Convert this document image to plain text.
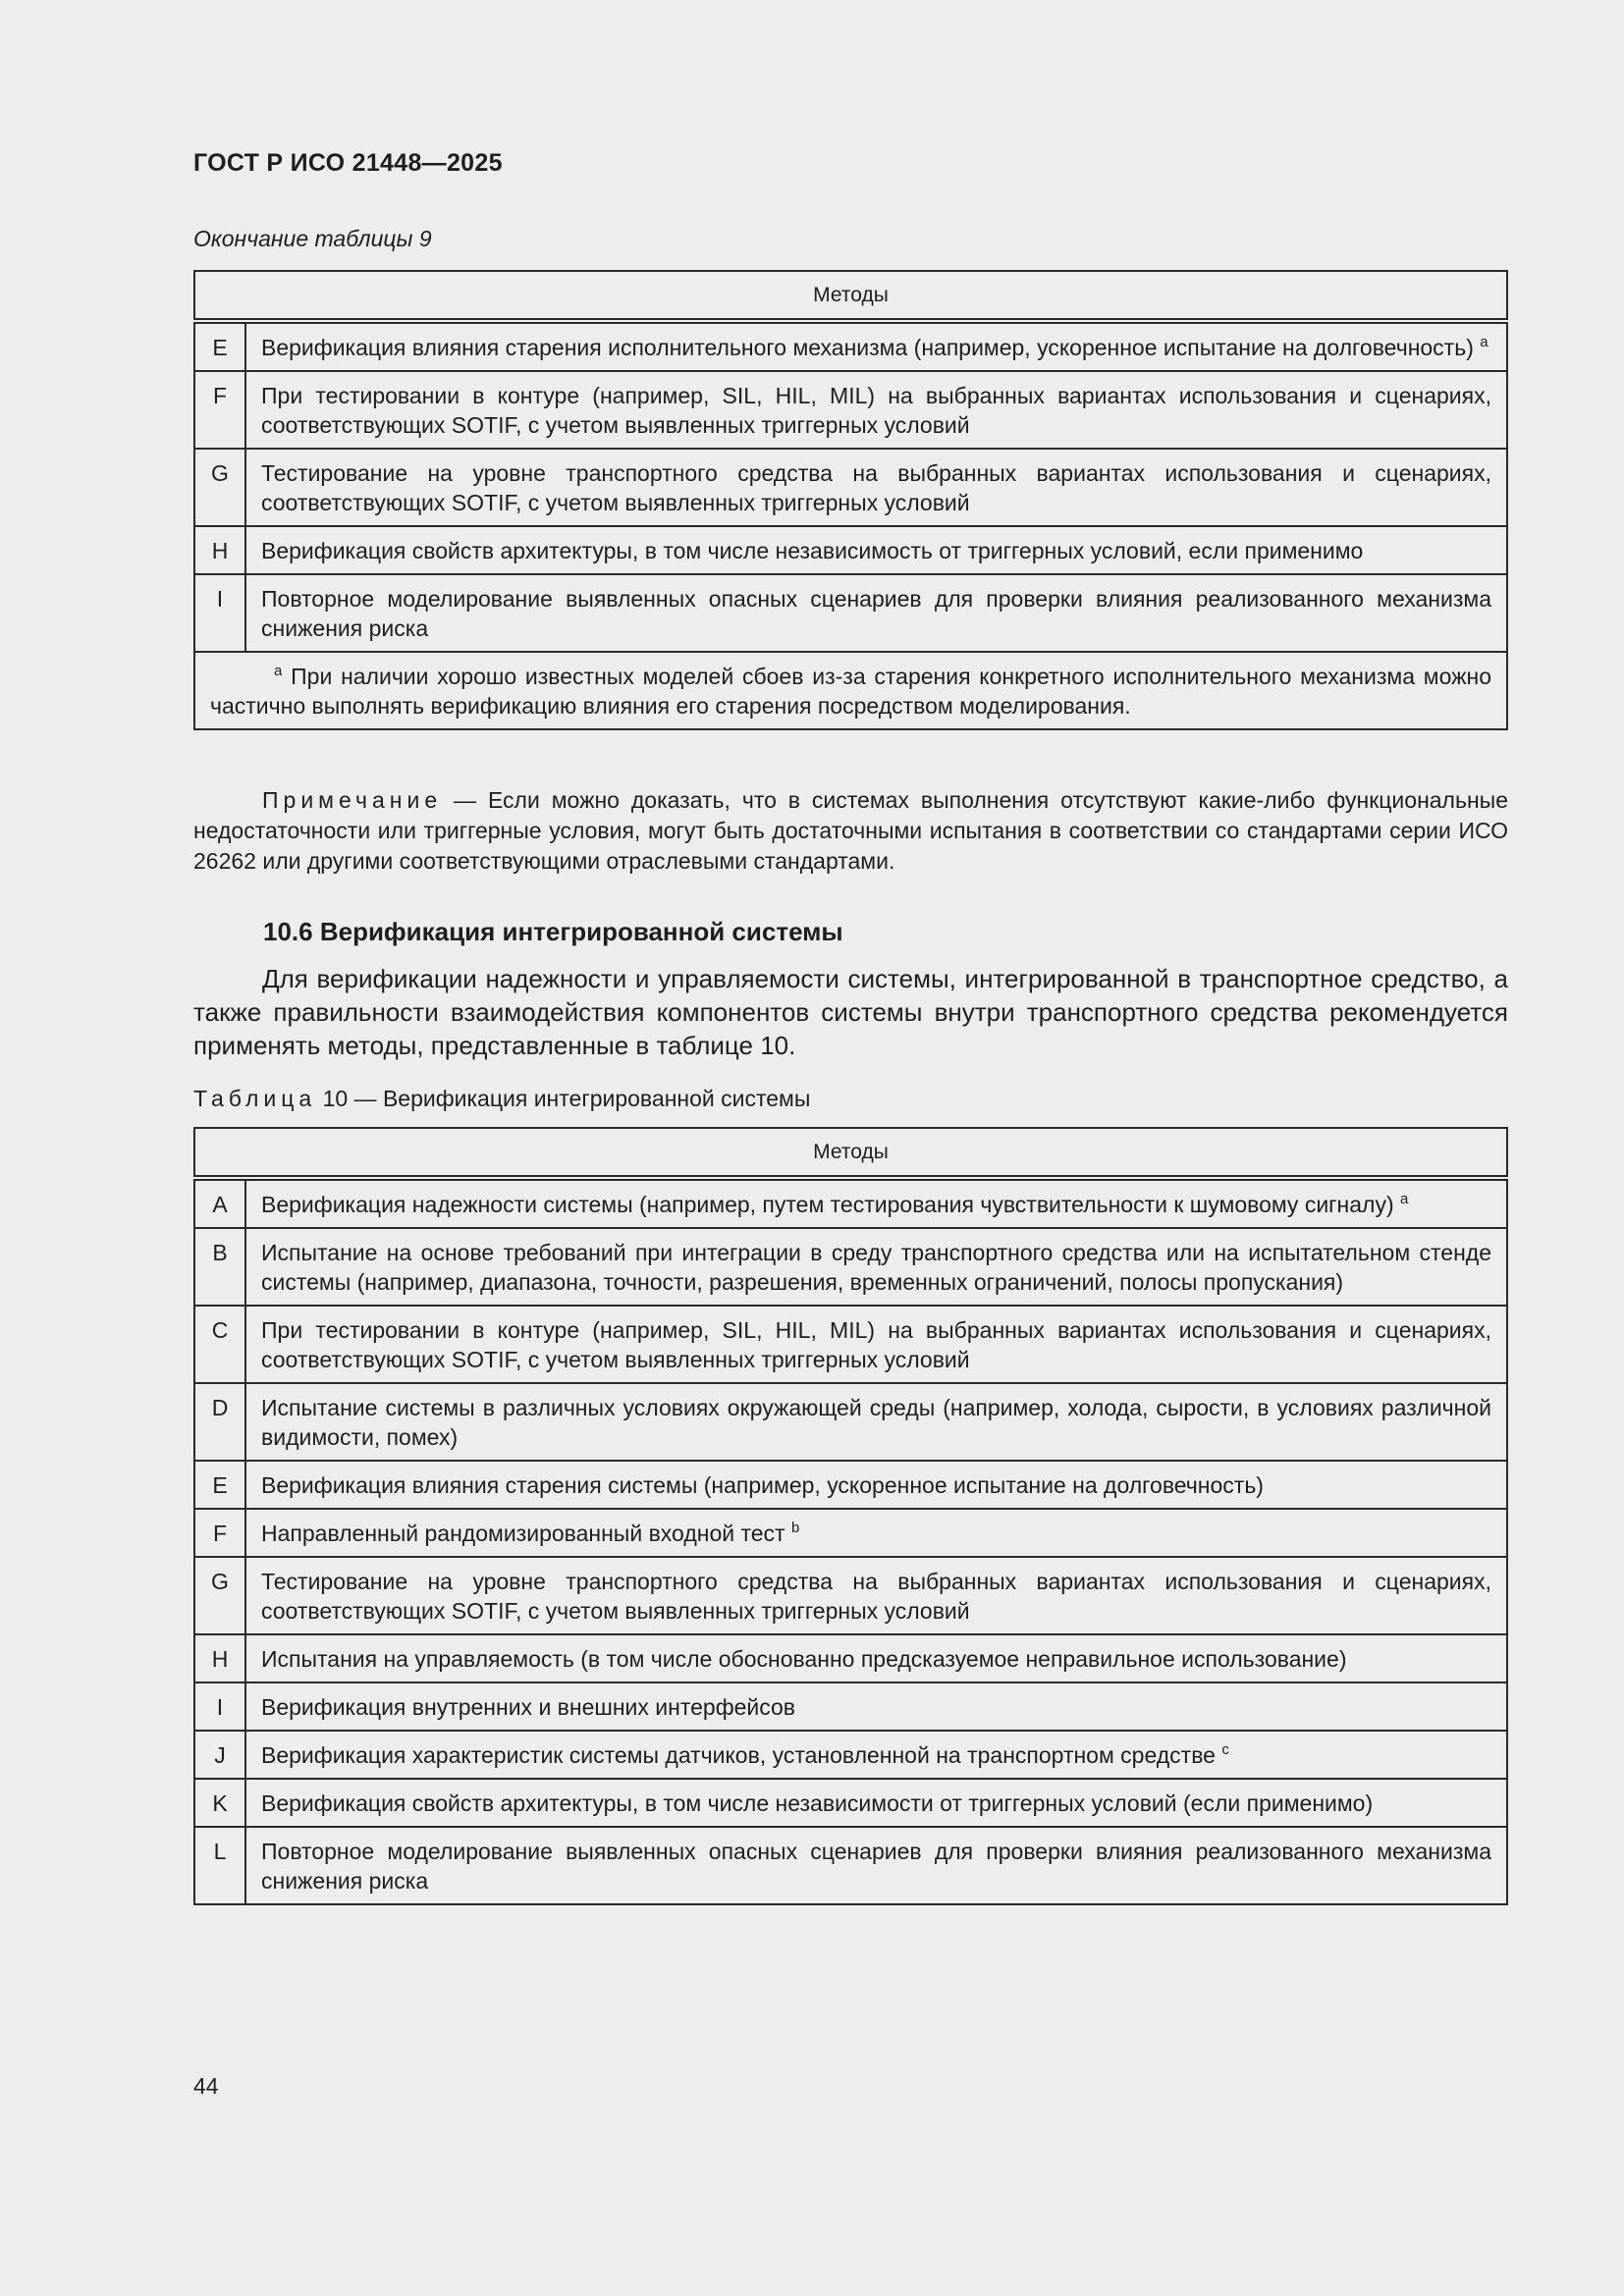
ГОСТ Р ИСО 21448—2025
Окончание таблицы 9
Методы	
E	Верификация влияния старения исполнительного механизма (например, ускоренное испытание на долговечность) $^a$
F	При тестировании в контуре (например, SIL, HIL, MIL) на выбранных вариантах использования и сценариях, соответствующих SOTIF, с учетом выявленных триггерных условий
G	Тестирование на уровне транспортного средства на выбранных вариантах использования и сценариях, соответствующих SOTIF, с учетом выявленных триггерных условий
H	Верификация свойств архитектуры, в том числе независимость от триггерных условий, если применимо
I	Повторное моделирование выявленных опасных сценариев для проверки влияния реализованного механизма снижения риска
$^a$ При наличии хорошо известных моделей сбоев из-за старения конкретного исполнительного механизма можно частично выполнять верификацию влияния его старения посредством моделирования.	
Примечание — Если можно доказать, что в системах выполнения отсутствуют какие-либо функциональные недостаточности или триггерные условия, могут быть достаточными испытания в соответствии со стандартами серии ИСО 26262 или другими соответствующими отраслевыми стандартами.
10.6 Верификация интегрированной системы
Для верификации надежности и управляемости системы, интегрированной в транспортное средство, а также правильности взаимодействия компонентов системы внутри транспортного средства рекомендуется применять методы, представленные в таблице 10.
Таблица 10 — Верификация интегрированной системы
Методы	
A	Верификация надежности системы (например, путем тестирования чувствительности к шумовому сигналу) $^a$
B	Испытание на основе требований при интеграции в среду транспортного средства или на испытательном стенде системы (например, диапазона, точности, разрешения, временных ограничений, полосы пропускания)
C	При тестировании в контуре (например, SIL, HIL, MIL) на выбранных вариантах использования и сценариях, соответствующих SOTIF, с учетом выявленных триггерных условий
D	Испытание системы в различных условиях окружающей среды (например, холода, сырости, в условиях различной видимости, помех)
E	Верификация влияния старения системы (например, ускоренное испытание на долговечность)
F	Направленный рандомизированный входной тест $^b$
G	Тестирование на уровне транспортного средства на выбранных вариантах использования и сценариях, соответствующих SOTIF, с учетом выявленных триггерных условий
H	Испытания на управляемость (в том числе обоснованно предсказуемое неправильное использование)
I	Верификация внутренних и внешних интерфейсов
J	Верификация характеристик системы датчиков, установленной на транспортном средстве $^c$
K	Верификация свойств архитектуры, в том числе независимости от триггерных условий (если применимо)
L	Повторное моделирование выявленных опасных сценариев для проверки влияния реализованного механизма снижения риска
44
